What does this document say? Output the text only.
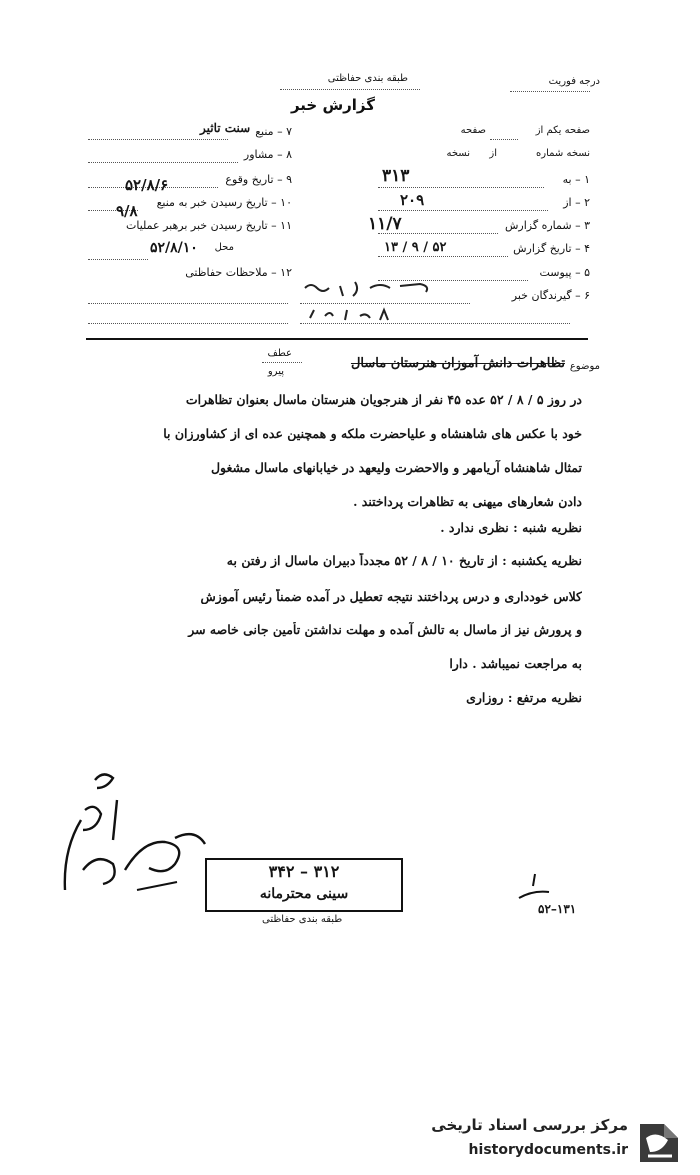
درجه فوریت
طبقه بندی حفاظتی
گزارش خبر
صفحه یکم از
صفحه
نسخه شماره
از
نسخه
۱ – به
۳۱۳
۲ – از
۲۰۹
۳ – شماره گزارش
۱۱/۷
۴ – تاریخ گزارش
۱۳ / ۹ / ۵۲
۵ – پیوست
۶ – گیرندگان خبر
۷ – منبع
سنت تاثیر
۸ – مشاور
۹ – تاریخ وقوع
۵۲/۸/۶
۱۰ – تاریخ رسیدن خبر به منبع
۹/۸
۱۱ – تاریخ رسیدن خبر برهبر عملیات
محل
۵۲/۸/۱۰
۱۲ – ملاحظات حفاظتی
موضوع
تظاهرات دانش آموزان هنرستان ماسال
عطف
پیرو
در روز ۵ / ۸ / ۵۲ عده ۴۵ نفر از هنرجویان هنرستان ماسال بعنوان تظاهرات
خود با عکس های شاهنشاه و علیاحضرت ملکه و همچنین عده ای از کشاورزان با
تمثال شاهنشاه آریامهر و والاحضرت ولیعهد در خیابانهای ماسال مشغول
دادن شعارهای میهنی به تظاهرات پرداختند .
نظریه شنبه : نظری ندارد .
نظریه یکشنبه : از تاریخ ۱۰ / ۸ / ۵۲ مجدداً دبیران ماسال از رفتن به
کلاس خودداری و درس پرداختند نتیجه تعطیل در آمده ضمناً رئیس آموزش
و پرورش نیز از ماسال به تالش آمده و مهلت نداشتن تأمین جانی خاصه سر
به مراجعت نمیباشد . دارا
نظریه مرتفع : روزاری
۳۱۲ – ۳۴۲
سینی محترمانه
طبقه بندی حفاظتی
۵۲–۱۳۱
مرکز بررسی اسناد تاریخی
historydocuments.ir
